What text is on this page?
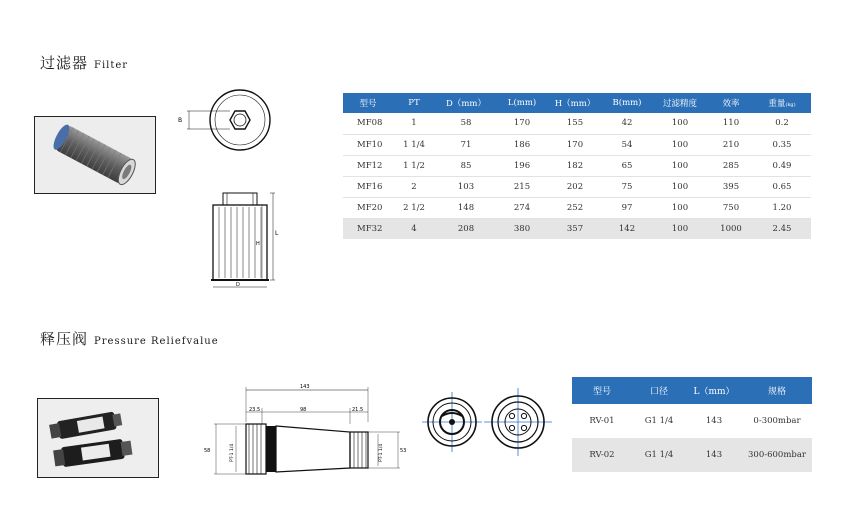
过滤器 Filter
B
L
H
D
型号	PT	D（mm）	L(mm)	H（mm）	B(mm)	过滤精度	效率	重量(kg)
MF08	1	58	170	155	42	100	110	0.2
MF10	1 1/4	71	186	170	54	100	210	0.35
MF12	1 1/2	85	196	182	65	100	285	0.49
MF16	2	103	215	202	75	100	395	0.65
MF20	2 1/2	148	274	252	97	100	750	1.20
MF32	4	208	380	357	142	100	1000	2.45
释压阀 Pressure Reliefvalue
143
23.5	98	21.5
58	PT-1 1/4	53
PT-1 1/4
型号	口径	L（mm）	规格
RV-01	G1 1/4	143	0-300mbar
RV-02	G1 1/4	143	300-600mbar
